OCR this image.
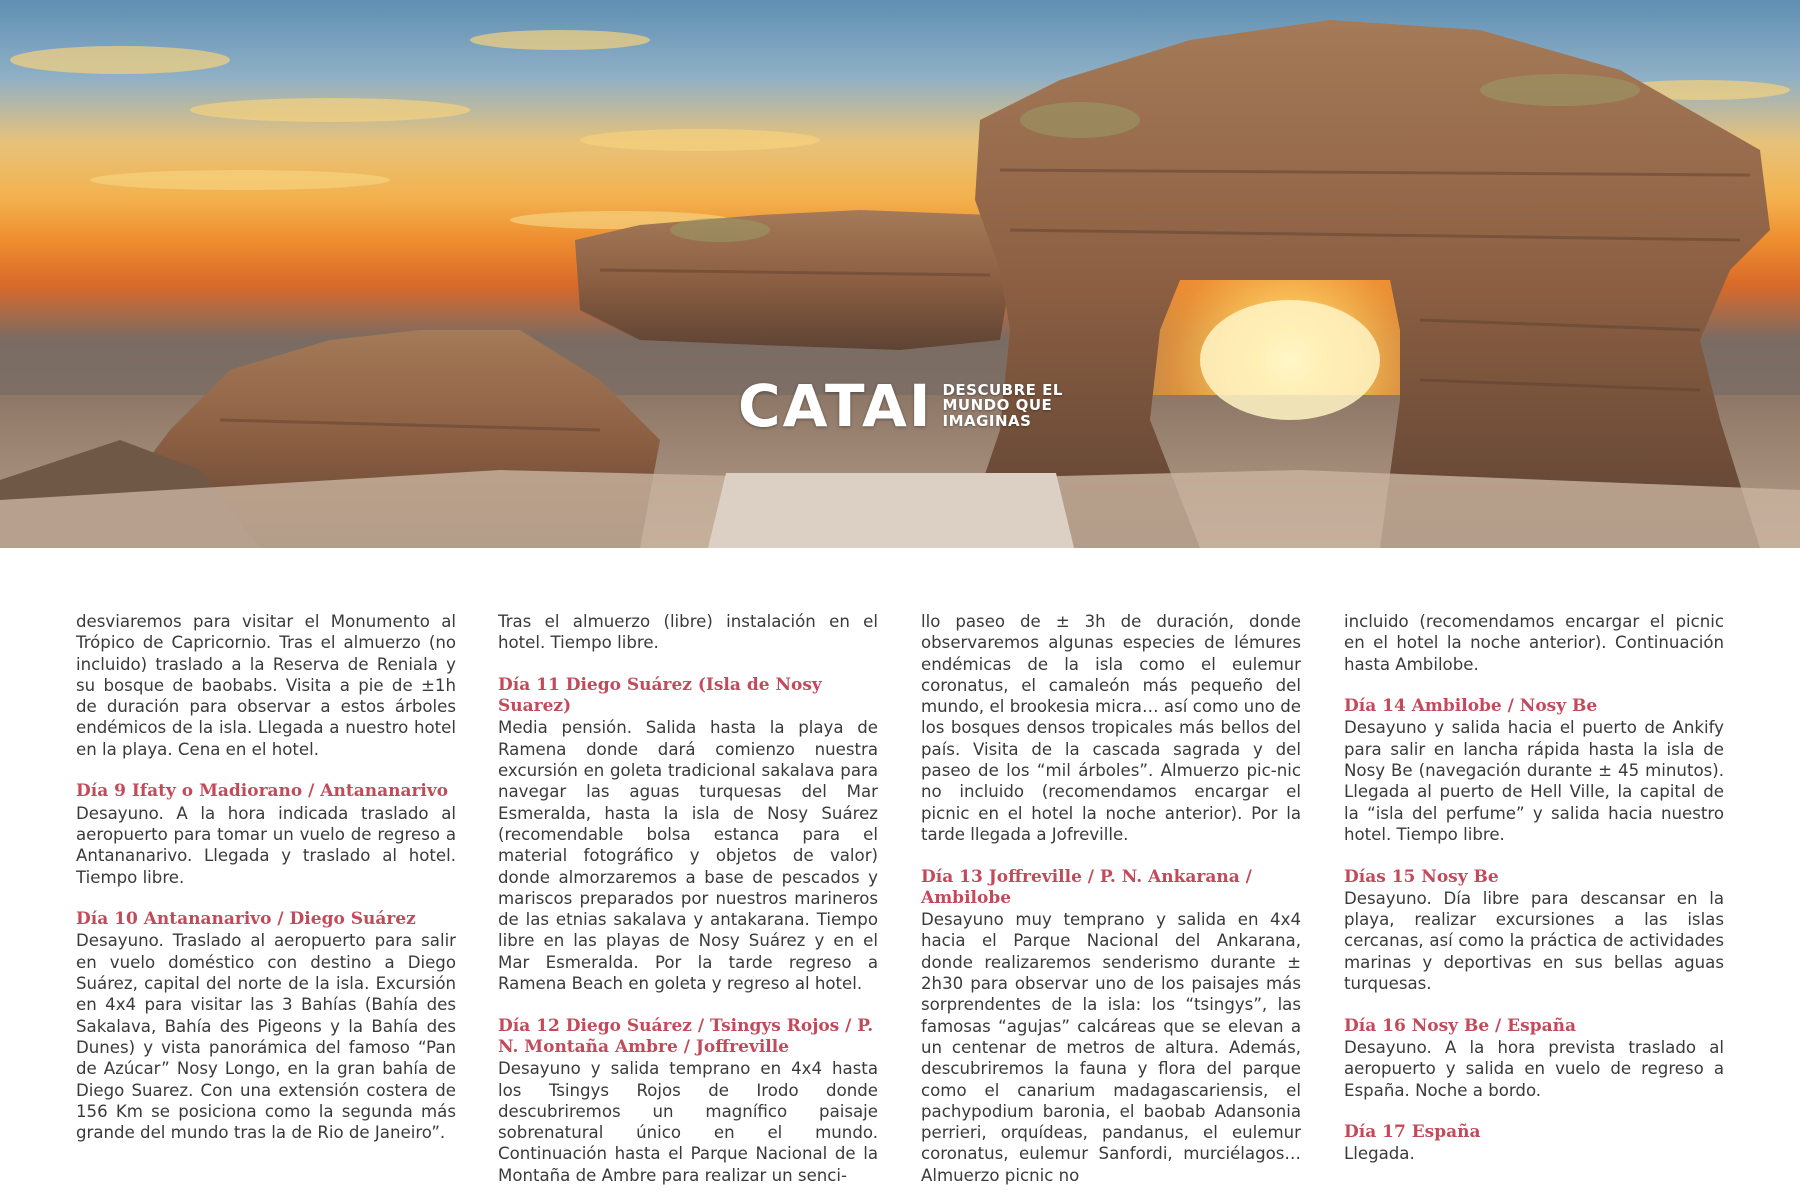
CATAI DESCUBRE EL
MUNDO QUE
IMAGINAS

desviaremos para visitar el Monumento al Trópico de Capricornio. Tras el almuerzo (no incluido) traslado a la Reserva de Reniala y su bosque de baobabs. Visita a pie de ±1h de duración para observar a estos árboles endémicos de la isla. Llegada a nuestro hotel en la playa. Cena en el hotel.

Día 9 Ifaty o Madiorano / Antananarivo

Desayuno. A la hora indicada traslado al aeropuerto para tomar un vuelo de regreso a Antananarivo. Llegada y traslado al hotel. Tiempo libre.

Día 10 Antananarivo / Diego Suárez

Desayuno. Traslado al aeropuerto para salir en vuelo doméstico con destino a Diego Suárez, capital del norte de la isla. Excursión en 4x4 para visitar las 3 Bahías (Bahía des Sakalava, Bahía des Pigeons y la Bahía des Dunes) y vista panorámica del famoso “Pan de Azúcar” Nosy Longo, en la gran bahía de Diego Suarez. Con una extensión costera de 156 Km se posiciona como la segunda más grande del mundo tras la de Rio de Janeiro”.

Tras el almuerzo (libre) instalación en el hotel. Tiempo libre.

Día 11 Diego Suárez (Isla de Nosy Suarez)

Media pensión. Salida hasta la playa de Ramena donde dará comienzo nuestra excursión en goleta tradicional sakalava para navegar las aguas turquesas del Mar Esmeralda, hasta la isla de Nosy Suárez (recomendable bolsa estanca para el material fotográfico y objetos de valor) donde almorzaremos a base de pescados y mariscos preparados por nuestros marineros de las etnias sakalava y antakarana. Tiempo libre en las playas de Nosy Suárez y en el Mar Esmeralda. Por la tarde regreso a Ramena Beach en goleta y regreso al hotel.

Día 12 Diego Suárez / Tsingys Rojos / P. N. Montaña Ambre / Joffreville

Desayuno y salida temprano en 4x4 hasta los Tsingys Rojos de Irodo donde descubriremos un magnífico paisaje sobrenatural único en el mundo. Continuación hasta el Parque Nacional de la Montaña de Ambre para realizar un senci-

llo paseo de ± 3h de duración, donde observaremos algunas especies de lémures endémicas de la isla como el eulemur coronatus, el camaleón más pequeño del mundo, el brookesia micra… así como uno de los bosques densos tropicales más bellos del país. Visita de la cascada sagrada y del paseo de los “mil árboles”. Almuerzo pic-nic no incluido (recomendamos encargar el picnic en el hotel la noche anterior). Por la tarde llegada a Jofreville.

Día 13 Joffreville / P. N. Ankarana / Ambilobe

Desayuno muy temprano y salida en 4x4 hacia el Parque Nacional del Ankarana, donde realizaremos senderismo durante ± 2h30 para observar uno de los paisajes más sorprendentes de la isla: los “tsingys”, las famosas “agujas” calcáreas que se elevan a un centenar de metros de altura. Además, descubriremos la fauna y flora del parque como el canarium madagascariensis, el pachypodium baronia, el baobab Adansonia perrieri, orquídeas, pandanus, el eulemur coronatus, eulemur Sanfordi, murciélagos… Almuerzo picnic no

incluido (recomendamos encargar el picnic en el hotel la noche anterior). Continuación hasta Ambilobe.

Día 14 Ambilobe / Nosy Be

Desayuno y salida hacia el puerto de Ankify para salir en lancha rápida hasta la isla de Nosy Be (navegación durante ± 45 minutos). Llegada al puerto de Hell Ville, la capital de la “isla del perfume” y salida hacia nuestro hotel. Tiempo libre.

Días 15 Nosy Be

Desayuno. Día libre para descansar en la playa, realizar excursiones a las islas cercanas, así como la práctica de actividades marinas y deportivas en sus bellas aguas turquesas.

Día 16 Nosy Be / España

Desayuno. A la hora prevista traslado al aeropuerto y salida en vuelo de regreso a España. Noche a bordo.

Día 17 España

Llegada.
